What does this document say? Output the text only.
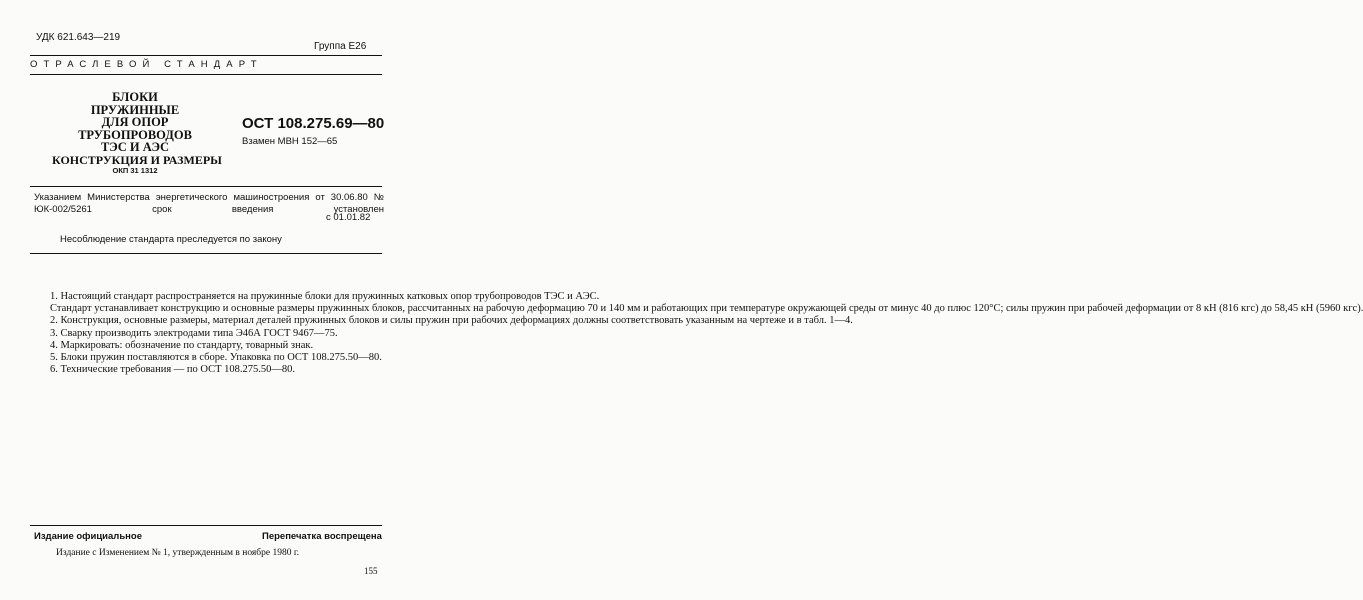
УДК 621.643—219
Группа Е26
ОТРАСЛЕВОЙ СТАНДАРТ
БЛОКИ ПРУЖИННЫЕ
ДЛЯ ОПОР
ТРУБОПРОВОДОВ
ТЭС И АЭС
КОНСТРУКЦИЯ И РАЗМЕРЫ
ОКП 31 1312
ОСТ 108.275.69—80
Взамен МВН 152—65
Указанием Министерства энергетического машиностроения от 30.06.80 № ЮК-002/5261 срок введения установлен
с 01.01.82
Несоблюдение стандарта преследуется по закону

1. Настоящий стандарт распространяется на пружинные блоки для пружинных катковых опор трубопроводов ТЭС и АЭС.

Стандарт устанавливает конструкцию и основные размеры пружинных блоков, рассчитанных на рабочую деформацию 70 и 140 мм и работающих при температуре окружающей среды от минус 40 до плюс 120°С; силы пружин при рабочей деформации от 8 кН (816 кгс) до 58,45 кН (5960 кгс).

2. Конструкция, основные размеры, материал деталей пружинных блоков и силы пружин при рабочих деформациях должны соответствовать указанным на чертеже и в табл. 1—4.

3. Сварку производить электродами типа Э46А ГОСТ 9467—75.

4. Маркировать: обозначение по стандарту, товарный знак.

5. Блоки пружин поставляются в сборе. Упаковка по ОСТ 108.275.50—80.

6. Технические требования — по ОСТ 108.275.50—80.

Издание официальное	Перепечатка воспрещена
Издание с Изменением № 1, утвержденным в ноябре 1980 г.
155
